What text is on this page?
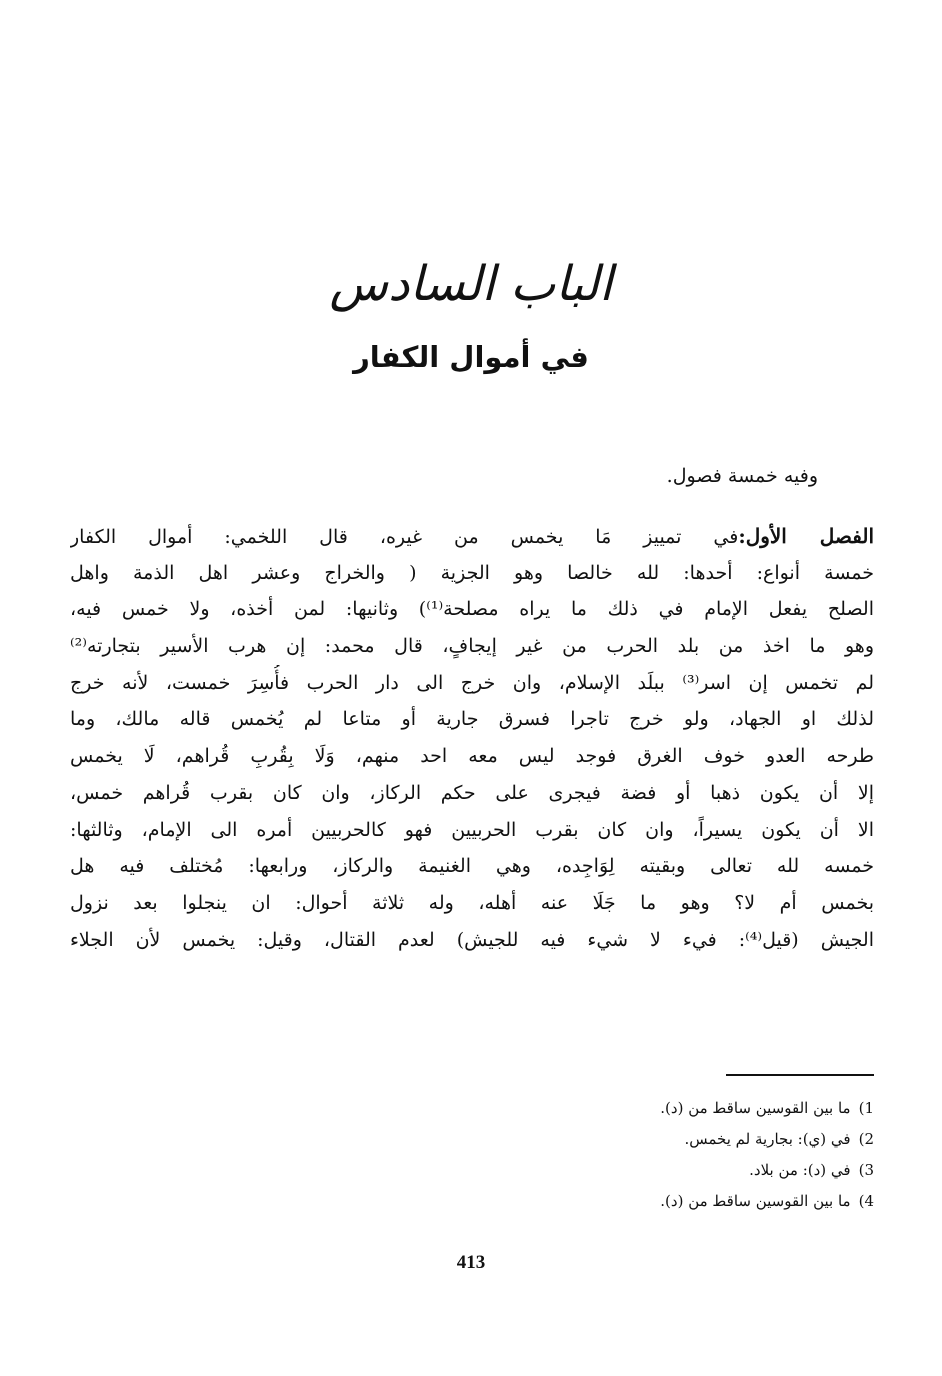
الباب السادس
في أموال الكفار
وفيه خمسة فصول.
الفصل الأول:في تمييز مَا يخمس من غيره، قال اللخمي: أموال الكفار
خمسة أنواع: أحدها: لله خالصا وهو الجزية ( والخراج وعشر اهل الذمة واهل
الصلح يفعل الإمام في ذلك ما يراه مصلحة⁽¹⁾) وثانيها: لمن أخذه، ولا خمس فيه،
وهو ما اخذ من بلد الحرب من غير إيجافٍ، قال محمد: إن هرب الأسير بتجارته⁽²⁾
لم تخمس إن اسر⁽³⁾ ببلَد الإسلام، وان خرج الى دار الحرب فأُسِرَ خمست، لأنه خرج
لذلك او الجهاد، ولو خرج تاجرا فسرق جارية أو متاعا لم يُخمس قاله مالك، وما
طرحه العدو خوف الغرق فوجد ليس معه احد منهم، وَلَا بِقُربِ قُراهم، لَا يخمس
إلا أن يكون ذهبا أو فضة فيجرى على حكم الركاز، وان كان بقرب قُراهم خمس،
الا أن يكون يسيراً، وان كان بقرب الحربيين فهو كالحربيين أمره الى الإمام، وثالثها:
خمسه لله تعالى وبقيته لِوَاجِده، وهي الغنيمة والركاز، ورابعها: مُختلف فيه هل
بخمس أم لا؟ وهو ما جَلَا عنه أهله، وله ثلاثة أحوال: ان ينجلوا بعد نزول
الجيش (قيل⁽⁴⁾: فيء لا شيء فيه للجيش) لعدم القتال، وقيل: يخمس لأن الجلاء
1)ما بين القوسين ساقط من (د).
2)في (ي): بجارية لم يخمس.
3)في (د): من بلاد.
4)ما بين القوسين ساقط من (د).
413
